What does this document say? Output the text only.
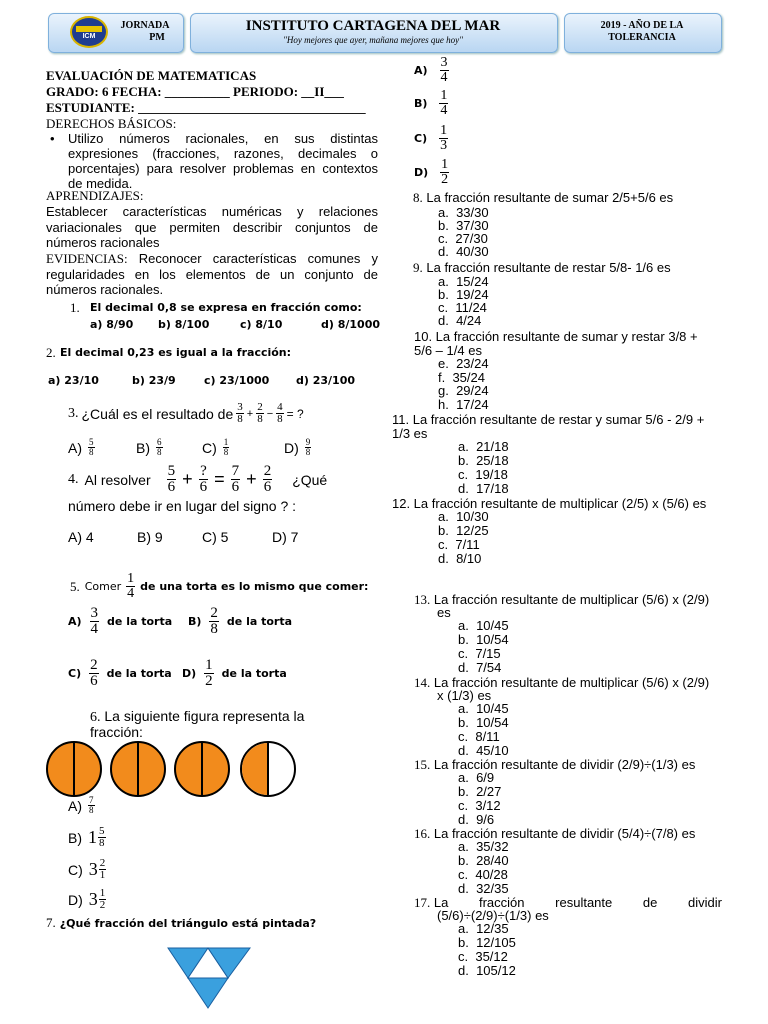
ICM
JORNADA
PM
INSTITUTO CARTAGENA DEL MAR
"Hoy mejores que ayer, mañana mejores que hoy"
2019 - AÑO DE LA
TOLERANCIA
EVALUACIÓN DE MATEMATICAS
GRADO: 6 FECHA: __________ PERIODO: __II___
ESTUDIANTE: ___________________________________
DERECHOS BÁSICOS:
• Utilizo números racionales, en sus distintas expresiones (fracciones, razones, decimales o porcentajes) para resolver problemas en contextos de medida.
APRENDIZAJES:
Establecer características numéricas y relaciones variacionales que permiten describir conjuntos de números racionales
EVIDENCIAS: Reconocer características comunes y regularidades en los elementos de un conjunto de números racionales.
1. El decimal 0,8 se expresa en fracción como:
a) 8/90 b) 8/100	c) 8/10	d) 8/1000
2. El decimal 0,23 es igual a la fracción:
a) 23/10	b) 23/9	c) 23/1000 d) 23/100
3. ¿Cuál es el resultado de $\frac{3}{8} + \frac{2}{8} - \frac{4}{8}$ = ?
$A) \frac{5}{8}$	$B) \frac{6}{8}$	$C) \frac{1}{8}$	$D) \frac{9}{8}$
4. Al resolver $\frac{5}{6} + \frac{?}{6} = \frac{7}{6} + \frac{2}{6}$ ¿Qué
número debe ir en lugar del signo ? :
A) 4	B) 9	C) 5	D) 7
5. Comer $\frac{1}{4}$ de una torta es lo mismo que comer:
$A) \frac{3}{4}$ de la torta $B) \frac{2}{8}$ de la torta
$C) \frac{2}{6}$ de la torta $D) \frac{1}{2}$ de la torta
6. La siguiente figura representa la
fracción:
$A) \frac{7}{8}$
B) $1 \frac{5}{8}$
C) $3 \frac{2}{1}$
D) $3 \frac{1}{2}$
7. ¿Qué fracción del triángulo está pintada?
$A) \frac{3}{4}$
$B) \frac{1}{4}$
$C) \frac{1}{3}$
$D) \frac{1}{2}$
8. La fracción resultante de sumar 2/5+5/6 es
a.  33/30
b.  37/30
c.  27/30
d.  40/30
9. La fracción resultante de restar 5/8- 1/6 es
a.  15/24
b.  19/24
c.  11/24
d.  4/24
10. La fracción resultante de sumar y restar 3/8 +
5/6 – 1/4 es
e.  23/24
f.  35/24
g.  29/24
h.  17/24
11. La fracción resultante de restar y sumar 5/6 - 2/9 +
1/3 es
a.  21/18
b.  25/18
c.  19/18
d.  17/18
12. La fracción resultante de multiplicar (2/5) x (5/6) es
a.  10/30
b.  12/25
c.  7/11
d.  8/10
13. La fracción resultante de multiplicar (5/6) x (2/9)
es
a.  10/45
b.  10/54
c.  7/15
d.  7/54
14. La fracción resultante de multiplicar (5/6) x (2/9)
x (1/3) es
a.  10/45
b.  10/54
c.  8/11
d.  45/10
15. La fracción resultante de dividir (2/9)÷(1/3) es
a.  6/9
b.  2/27
c.  3/12
d.  9/6
16. La fracción resultante de dividir (5/4)÷(7/8) es
a.  35/32
b.  28/40
c.  40/28
d.  32/35
17. La fracción resultante de dividir
(5/6)÷(2/9)÷(1/3) es
a.  12/35
b.  12/105
c.  35/12
d.  105/12
